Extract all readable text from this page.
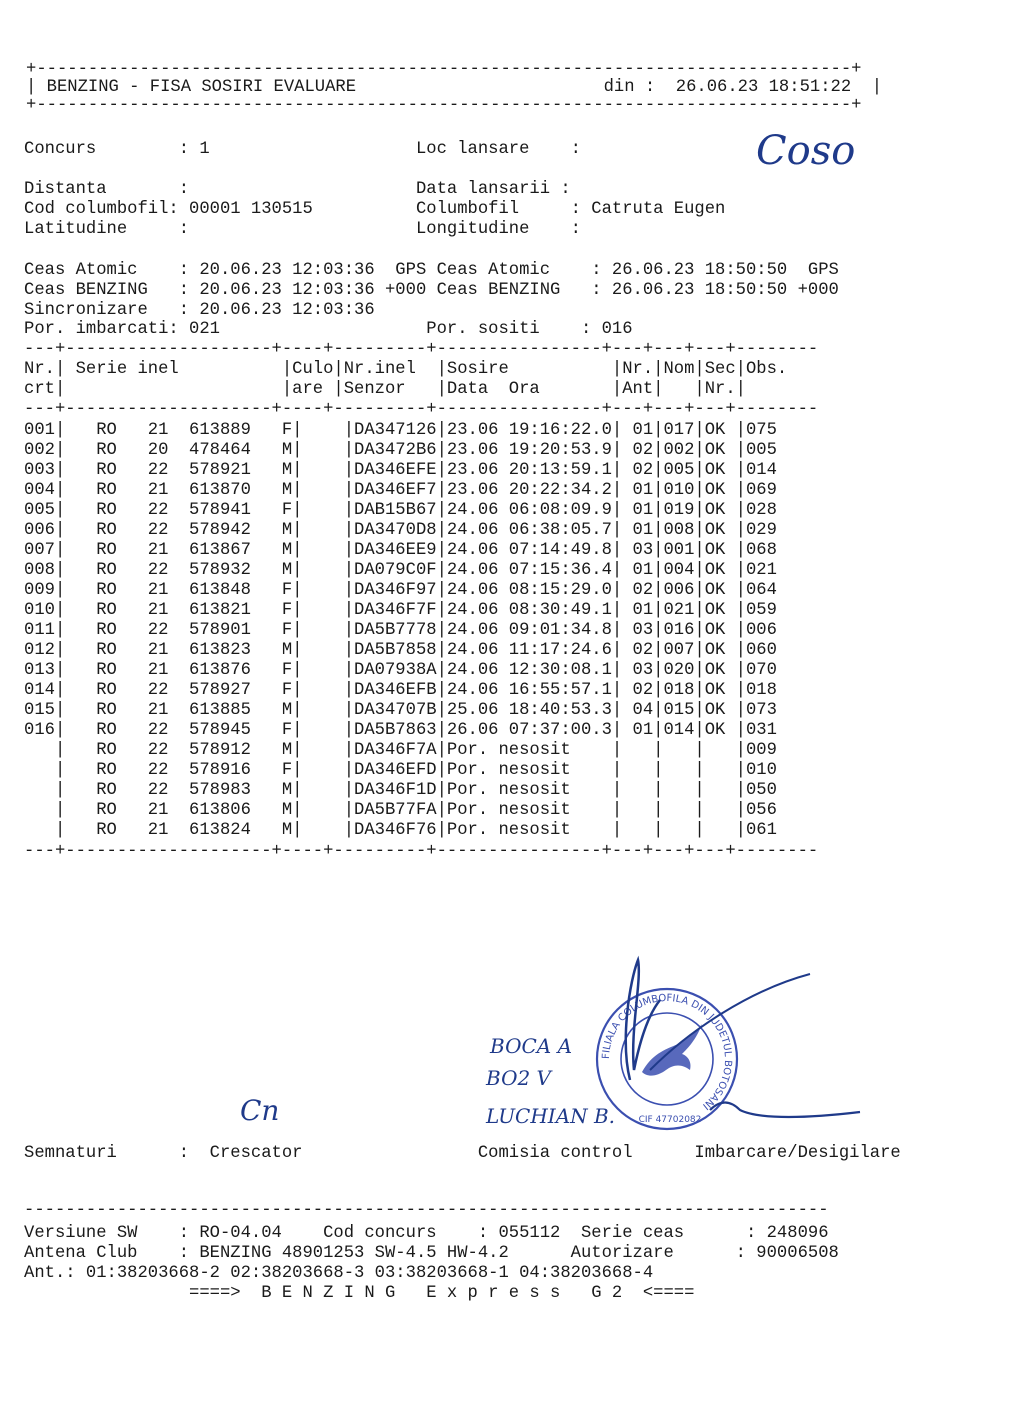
+-------------------------------------------------------------------------------+
| BENZING - FISA SOSIRI EVALUARE                        din :  26.06.23 18:51:22  |
+-------------------------------------------------------------------------------+
Concurs        : 1                    Loc lansare    :
Distanta       :                      Data lansarii :
Cod columbofil: 00001 130515          Columbofil     : Catruta Eugen
Latitudine     :                      Longitudine    :
Ceas Atomic    : 20.06.23 12:03:36  GPS Ceas Atomic    : 26.06.23 18:50:50  GPS
Ceas BENZING   : 20.06.23 12:03:36 +000 Ceas BENZING   : 26.06.23 18:50:50 +000
Sincronizare   : 20.06.23 12:03:36
Por. imbarcati: 021                    Por. sositi    : 016
Coso
---+--------------------+----+---------+----------------+---+---+---+--------
Nr.| Serie inel          |Culo|Nr.inel  |Sosire          |Nr.|Nom|Sec|Obs.
crt|                     |are |Senzor   |Data  Ora       |Ant|   |Nr.|
---+--------------------+----+---------+----------------+---+---+---+--------
001|   RO   21  613889   F|    |DA347126|23.06 19:16:22.0| 01|017|OK |075
002|   RO   20  478464   M|    |DA3472B6|23.06 19:20:53.9| 02|002|OK |005
003|   RO   22  578921   M|    |DA346EFE|23.06 20:13:59.1| 02|005|OK |014
004|   RO   21  613870   M|    |DA346EF7|23.06 20:22:34.2| 01|010|OK |069
005|   RO   22  578941   F|    |DAB15B67|24.06 06:08:09.9| 01|019|OK |028
006|   RO   22  578942   M|    |DA3470D8|24.06 06:38:05.7| 01|008|OK |029
007|   RO   21  613867   M|    |DA346EE9|24.06 07:14:49.8| 03|001|OK |068
008|   RO   22  578932   M|    |DA079C0F|24.06 07:15:36.4| 01|004|OK |021
009|   RO   21  613848   F|    |DA346F97|24.06 08:15:29.0| 02|006|OK |064
010|   RO   21  613821   F|    |DA346F7F|24.06 08:30:49.1| 01|021|OK |059
011|   RO   22  578901   F|    |DA5B7778|24.06 09:01:34.8| 03|016|OK |006
012|   RO   21  613823   M|    |DA5B7858|24.06 11:17:24.6| 02|007|OK |060
013|   RO   21  613876   F|    |DA07938A|24.06 12:30:08.1| 03|020|OK |070
014|   RO   22  578927   F|    |DA346EFB|24.06 16:55:57.1| 02|018|OK |018
015|   RO   21  613885   M|    |DA34707B|25.06 18:40:53.3| 04|015|OK |073
016|   RO   22  578945   F|    |DA5B7863|26.06 07:37:00.3| 01|014|OK |031
|   RO   22  578912   M|    |DA346F7A|Por. nesosit    |   |   |   |009
|   RO   22  578916   F|    |DA346EFD|Por. nesosit    |   |   |   |010
|   RO   22  578983   M|    |DA346F1D|Por. nesosit    |   |   |   |050
|   RO   21  613806   M|    |DA5B77FA|Por. nesosit    |   |   |   |056
|   RO   21  613824   M|    |DA346F76|Por. nesosit    |   |   |   |061
---+--------------------+----+---------+----------------+---+---+---+--------
FILIALA COLUMBOFILA DIN JUDETUL BOTOSANI
CIF 47702082
BOCA A
BO2 V
LUCHIAN B.
Cn
Semnaturi      :  Crescator                 Comisia control      Imbarcare/Desigilare
------------------------------------------------------------------------------
Versiune SW    : RO-04.04    Cod concurs    : 055112  Serie ceas      : 248096
Antena Club    : BENZING 48901253 SW-4.5 HW-4.2      Autorizare      : 90006508
Ant.: 01:38203668-2 02:38203668-3 03:38203668-1 04:38203668-4
====>  B E N Z I N G   E x p r e s s   G 2  <====
